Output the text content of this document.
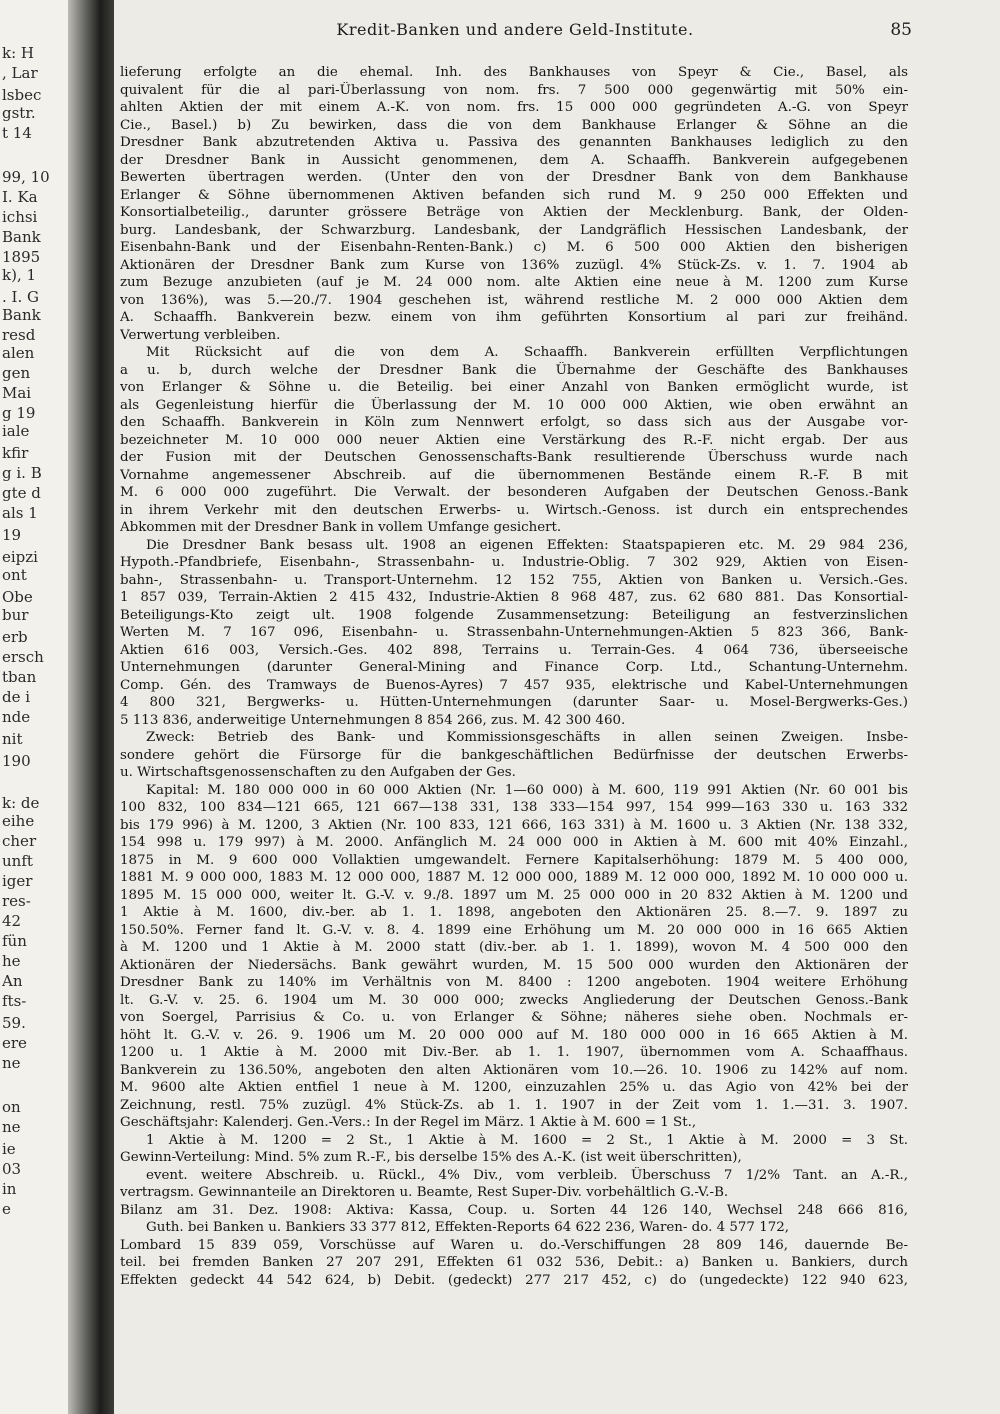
k: H
, Lar
lsbec
gstr.
t 14
99, 10
I. Ka
ichsi
Bank
1895
k), 1
. I. G
Bank
resd
alen
gen
Mai
g 19
iale
kfir
g i. B
gte d
als 1
19
eipzi
ont
Obe
bur
erb
ersch
tban
de i
nde
nit
190
k: de
eihe
cher
unft
iger
res-
42
fün
he
An
fts-
59.
ere
ne
on
ne
ie
03
in
e
Kredit-Banken und andere Geld-Institute.	85
lieferung erfolgte an die ehemal. Inh. des Bankhauses von Speyr & Cie., Basel, als
quivalent für die al pari-Überlassung von nom. frs. 7 500 000 gegenwärtig mit 50% ein-
ahlten Aktien der mit einem A.-K. von nom. frs. 15 000 000 gegründeten A.-G. von Speyr
Cie., Basel.) b) Zu bewirken, dass die von dem Bankhause Erlanger & Söhne an die
Dresdner Bank abzutretenden Aktiva u. Passiva des genannten Bankhauses lediglich zu den
der Dresdner Bank in Aussicht genommenen, dem A. Schaaffh. Bankverein aufgegebenen
Bewerten übertragen werden. (Unter den von der Dresdner Bank von dem Bankhause
Erlanger & Söhne übernommenen Aktiven befanden sich rund M. 9 250 000 Effekten und
Konsortialbeteilig., darunter grössere Beträge von Aktien der Mecklenburg. Bank, der Olden-
burg. Landesbank, der Schwarzburg. Landesbank, der Landgräflich Hessischen Landesbank, der
Eisenbahn-Bank und der Eisenbahn-Renten-Bank.) c) M. 6 500 000 Aktien den bisherigen
Aktionären der Dresdner Bank zum Kurse von 136% zuzügl. 4% Stück-Zs. v. 1. 7. 1904 ab
zum Bezuge anzubieten (auf je M. 24 000 nom. alte Aktien eine neue à M. 1200 zum Kurse
von 136%), was 5.—20./7. 1904 geschehen ist, während restliche M. 2 000 000 Aktien dem
A. Schaaffh. Bankverein bezw. einem von ihm geführten Konsortium al pari zur freihänd.
Verwertung verbleiben.
Mit Rücksicht auf die von dem A. Schaaffh. Bankverein erfüllten Verpflichtungen
a u. b, durch welche der Dresdner Bank die Übernahme der Geschäfte des Bankhauses
von Erlanger & Söhne u. die Beteilig. bei einer Anzahl von Banken ermöglicht wurde, ist
als Gegenleistung hierfür die Überlassung der M. 10 000 000 Aktien, wie oben erwähnt an
den Schaaffh. Bankverein in Köln zum Nennwert erfolgt, so dass sich aus der Ausgabe vor-
bezeichneter M. 10 000 000 neuer Aktien eine Verstärkung des R.-F. nicht ergab. Der aus
der Fusion mit der Deutschen Genossenschafts-Bank resultierende Überschuss wurde nach
Vornahme angemessener Abschreib. auf die übernommenen Bestände einem R.-F. B mit
M. 6 000 000 zugeführt. Die Verwalt. der besonderen Aufgaben der Deutschen Genoss.-Bank
in ihrem Verkehr mit den deutschen Erwerbs- u. Wirtsch.-Genoss. ist durch ein entsprechendes
Abkommen mit der Dresdner Bank in vollem Umfange gesichert.
Die Dresdner Bank besass ult. 1908 an eigenen Effekten: Staatspapieren etc. M. 29 984 236,
Hypoth.-Pfandbriefe, Eisenbahn-, Strassenbahn- u. Industrie-Oblig. 7 302 929, Aktien von Eisen-
bahn-, Strassenbahn- u. Transport-Unternehm. 12 152 755, Aktien von Banken u. Versich.-Ges.
1 857 039, Terrain-Aktien 2 415 432, Industrie-Aktien 8 968 487, zus. 62 680 881. Das Konsortial-
Beteiligungs-Kto zeigt ult. 1908 folgende Zusammensetzung: Beteiligung an festverzinslichen
Werten M. 7 167 096, Eisenbahn- u. Strassenbahn-Unternehmungen-Aktien 5 823 366, Bank-
Aktien 616 003, Versich.-Ges. 402 898, Terrains u. Terrain-Ges. 4 064 736, überseeische
Unternehmungen (darunter General-Mining and Finance Corp. Ltd., Schantung-Unternehm.
Comp. Gén. des Tramways de Buenos-Ayres) 7 457 935, elektrische und Kabel-Unternehmungen
4 800 321, Bergwerks- u. Hütten-Unternehmungen (darunter Saar- u. Mosel-Bergwerks-Ges.)
5 113 836, anderweitige Unternehmungen 8 854 266, zus. M. 42 300 460.
Zweck: Betrieb des Bank- und Kommissionsgeschäfts in allen seinen Zweigen. Insbe-
sondere gehört die Fürsorge für die bankgeschäftlichen Bedürfnisse der deutschen Erwerbs-
u. Wirtschaftsgenossenschaften zu den Aufgaben der Ges.
Kapital: M. 180 000 000 in 60 000 Aktien (Nr. 1—60 000) à M. 600, 119 991 Aktien (Nr. 60 001 bis
100 832, 100 834—121 665, 121 667—138 331, 138 333—154 997, 154 999—163 330 u. 163 332
bis 179 996) à M. 1200, 3 Aktien (Nr. 100 833, 121 666, 163 331) à M. 1600 u. 3 Aktien (Nr. 138 332,
154 998 u. 179 997) à M. 2000. Anfänglich M. 24 000 000 in Aktien à M. 600 mit 40% Einzahl.,
1875 in M. 9 600 000 Vollaktien umgewandelt. Fernere Kapitalserhöhung: 1879 M. 5 400 000,
1881 M. 9 000 000, 1883 M. 12 000 000, 1887 M. 12 000 000, 1889 M. 12 000 000, 1892 M. 10 000 000 u.
1895 M. 15 000 000, weiter lt. G.-V. v. 9./8. 1897 um M. 25 000 000 in 20 832 Aktien à M. 1200 und
1 Aktie à M. 1600, div.-ber. ab 1. 1. 1898, angeboten den Aktionären 25. 8.—7. 9. 1897 zu
150.50%. Ferner fand lt. G.-V. v. 8. 4. 1899 eine Erhöhung um M. 20 000 000 in 16 665 Aktien
à M. 1200 und 1 Aktie à M. 2000 statt (div.-ber. ab 1. 1. 1899), wovon M. 4 500 000 den
Aktionären der Niedersächs. Bank gewährt wurden, M. 15 500 000 wurden den Aktionären der
Dresdner Bank zu 140% im Verhältnis von M. 8400 : 1200 angeboten. 1904 weitere Erhöhung
lt. G.-V. v. 25. 6. 1904 um M. 30 000 000; zwecks Angliederung der Deutschen Genoss.-Bank
von Soergel, Parrisius & Co. u. von Erlanger & Söhne; näheres siehe oben. Nochmals er-
höht lt. G.-V. v. 26. 9. 1906 um M. 20 000 000 auf M. 180 000 000 in 16 665 Aktien à M.
1200 u. 1 Aktie à M. 2000 mit Div.-Ber. ab 1. 1. 1907, übernommen vom A. Schaaffhaus.
Bankverein zu 136.50%, angeboten den alten Aktionären vom 10.—26. 10. 1906 zu 142% auf nom.
M. 9600 alte Aktien entfiel 1 neue à M. 1200, einzuzahlen 25% u. das Agio von 42% bei der
Zeichnung, restl. 75% zuzügl. 4% Stück-Zs. ab 1. 1. 1907 in der Zeit vom 1. 1.—31. 3. 1907.
Geschäftsjahr: Kalenderj. Gen.-Vers.: In der Regel im März. 1 Aktie à M. 600 = 1 St.,
1 Aktie à M. 1200 = 2 St., 1 Aktie à M. 1600 = 2 St., 1 Aktie à M. 2000 = 3 St.
Gewinn-Verteilung: Mind. 5% zum R.-F., bis derselbe 15% des A.-K. (ist weit überschritten),
event. weitere Abschreib. u. Rückl., 4% Div., vom verbleib. Überschuss 7 1/2% Tant. an A.-R.,
vertragsm. Gewinnanteile an Direktoren u. Beamte, Rest Super-Div. vorbehältlich G.-V.-B.
Bilanz am 31. Dez. 1908: Aktiva: Kassa, Coup. u. Sorten 44 126 140, Wechsel 248 666 816,
Guth. bei Banken u. Bankiers 33 377 812, Effekten-Reports 64 622 236, Waren- do. 4 577 172,
Lombard 15 839 059, Vorschüsse auf Waren u. do.-Verschiffungen 28 809 146, dauernde Be-
teil. bei fremden Banken 27 207 291, Effekten 61 032 536, Debit.: a) Banken u. Bankiers, durch
Effekten gedeckt 44 542 624, b) Debit. (gedeckt) 277 217 452, c) do (ungedeckte) 122 940 623,
